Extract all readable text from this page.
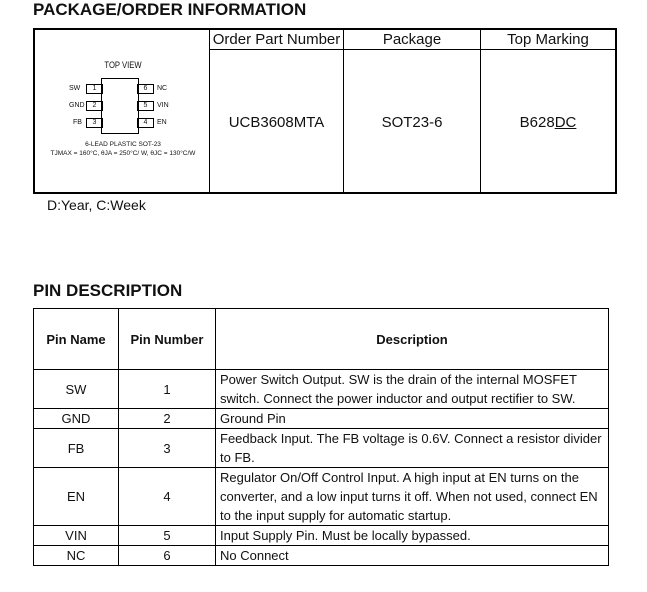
PACKAGE/ORDER INFORMATION
Order Part Number	Package	Top Marking
UCB3608MTA	SOT23-6	B628DC
TOP VIEW
SW	1
GND	2
FB	3
6	NC
5	VIN
4	EN
6-LEAD PLASTIC SOT-23
TJMAX = 160°C, θJA = 250°C/ W, θJC = 130°C/W
D:Year, C:Week
PIN DESCRIPTION
Pin Name	Pin Number	Description
SW	1	Power Switch Output. SW is the drain of the internal MOSFET switch. Connect the power inductor and output rectifier to SW.
GND	2	Ground Pin
FB	3	Feedback Input. The FB voltage is 0.6V. Connect a resistor divider to FB.
EN	4	Regulator On/Off Control Input. A high input at EN turns on the converter, and a low input turns it off. When not used, connect EN to the input supply for automatic startup.
VIN	5	Input Supply Pin. Must be locally bypassed.
NC	6	No Connect
